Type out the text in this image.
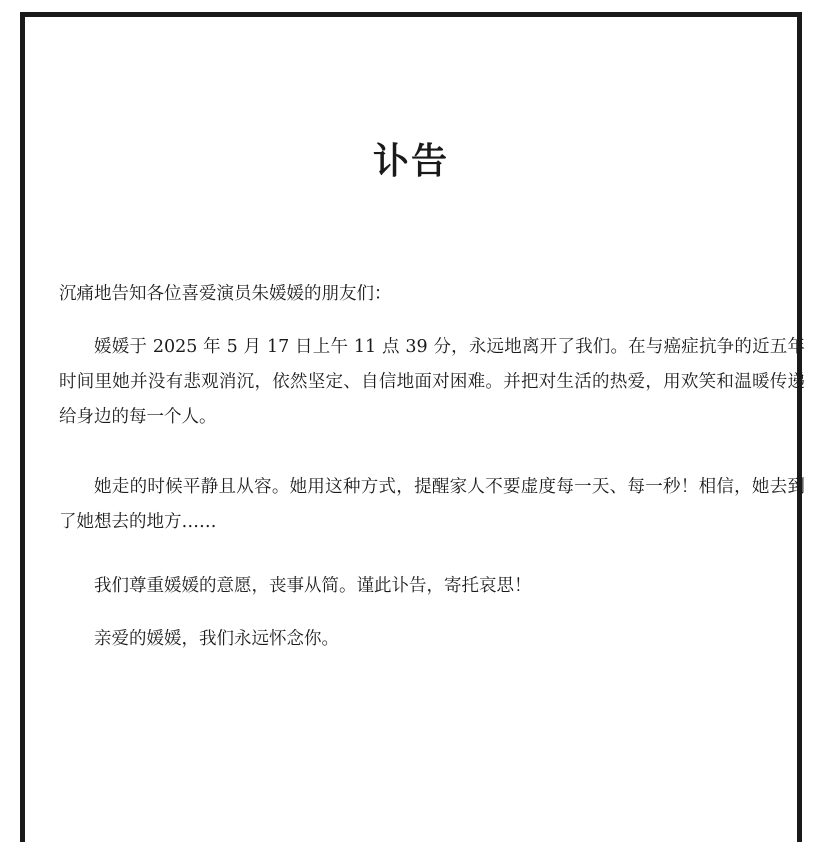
讣告
沉痛地告知各位喜爱演员朱媛媛的朋友们：
媛媛于 2025 年 5 月 17 日上午 11 点 39 分，永远地离开了我们。在与癌症抗争的近五年时间里她并没有悲观消沉，依然坚定、自信地面对困难。并把对生活的热爱，用欢笑和温暖传递给身边的每一个人。
她走的时候平静且从容。她用这种方式，提醒家人不要虚度每一天、每一秒！相信，她去到了她想去的地方……
我们尊重媛媛的意愿，丧事从简。谨此讣告，寄托哀思！
亲爱的媛媛，我们永远怀念你。
